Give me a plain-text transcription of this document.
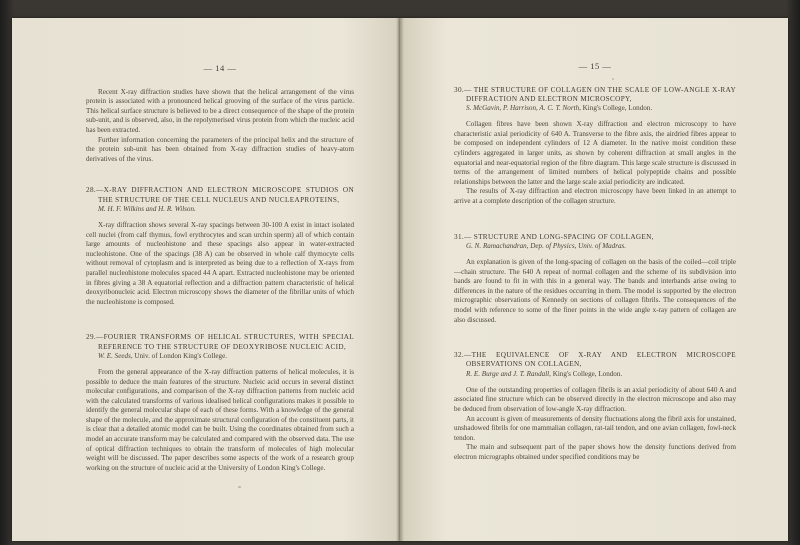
— 14 —

Recent X-ray diffraction studies have shown that the helical arrangement of the virus protein is associated with a pronounced helical grooving of the surface of the virus particle. This helical surface structure is believed to be a direct consequence of the shape of the protein sub-unit, and is observed, also, in the repolymerised virus protein from which the nucleic acid has been extracted.

Further information concerning the parameters of the principal helix and the structure of the protein sub-unit has been obtained from X-ray diffraction studies of heavy-atom derivatives of the virus.

28.—X-RAY DIFFRACTION AND ELECTRON MICROSCOPE STUDIOS ON THE STRUCTURE OF THE CELL NUCLEUS AND NUCLEAPROTEINS,
M. H. F. Wilkins and H. R. Wilson.

X-ray diffraction shows several X-ray spacings between 30-100 A exist in intact isolated cell nuclei (from calf thymus, fowl erythrocytes and scan urchin sperm) all of which contain large amounts of nucleohistone and these spacings also appear in water-extracted nucleohistone. One of the spacings (38 A) can be observed in whole calf thymocyte cells without removal of cytoplasm and is interpreted as being due to a reflection of X-rays from parallel nucleohistone molecules spaced 44 A apart. Extracted nucleohistone may be oriented in fibres giving a 38 A equatorial reflection and a diffraction pattern characteristic of helical deoxyribonucleic acid. Electron microscopy shows the diameter of the fibrillar units of which the nucleohistone is composed.

29.—FOURIER TRANSFORMS OF HELICAL STRUCTURES, WITH SPECIAL REFERENCE TO THE STRUCTURE OF DEOXYRIBOSE NUCLEIC ACID,
W. E. Seeds, Univ. of London King's College.

From the general appearance of the X-ray diffraction patterns of helical molecules, it is possible to deduce the main features of the structure. Nucleic acid occurs in several distinct molecular configurations, and comparison of the X-ray diffraction patterns from nucleic acid with the calculated transforms of various idealised helical configurations makes it possible to identify the general molecular shape of each of these forms. With a knowledge of the general shape of the molecule, and the approximate structural configuration of the constituent parts, it is clear that a detailed atomic model can be built. Using the coordinates obtained from such a model an accurate transform may be calculated and compared with the observed data. The use of optical diffraction techniques to obtain the transform of molecules of high molecular weight will be discussed. The paper describes some aspects of the work of a research group working on the structure of nucleic acid at the University of London King's College.

— 15 —
30.— THE STRUCTURE OF COLLAGEN ON THE SCALE OF LOW-ANGLE X-RAY DIFFRACTION AND ELECTRON MICROSCOPY,
S. McGavin, P. Harrison, A. C. T. North, King's College, London.

Collagen fibres have been shown X-ray diffraction and electron microscopy to have characteristic axial periodicity of 640 A. Transverse to the fibre axis, the airdried fibres appear to be composed on independent cylinders of 12 A diameter. In the native moist condition these cylinders aggregated in larger units, as shown by coherent diffraction at small angles in the equatorial and near-equatorial region of the fibre diagram. This large scale structure is discussed in terms of the arrangement of limited numbers of helical polypeptide chains and possible relationships between the latter and the large scale axial periodicity are indicated.

The results of X-ray diffraction and electron microscopy have been linked in an attempt to arrive at a complete description of the collagen structure.

31.— STRUCTURE AND LONG-SPACING OF COLLAGEN,
G. N. Ramachandran, Dep. of Physics, Univ. of Madras.

An explanation is given of the long-spacing of collagen on the basis of the coiled—coil triple—chain structure. The 640 A repeat of normal collagen and the scheme of its subdivision into bands are found to fit in with this in a general way. The bands and interbands arise owing to differences in the nature of the residues occurring in them. The model is supported by the electron micrographic observations of Kennedy on sections of collagen fibrils. The consequences of the model with reference to some of the finer points in the wide angle x-ray pattern of collagen are also discussed.

32.—THE EQUIVALENCE OF X-RAY AND ELECTRON MICROSCOPE OBSERVATIONS ON COLLAGEN,
R. E. Burge and J. T. Randall, King's College, London.

One of the outstanding properties of collagen fibrils is an axial periodicity of about 640 A and associated fine structure which can be observed directly in the electron microscope and also may be deduced from observation of low-angle X-ray diffraction.

An account is given of measurements of density fluctuations along the fibril axis for unstained, unshadowed fibrils for one mammalian collagen, rat-tail tendon, and one avian collagen, fowl-neck tendon.

The main and subsequent part of the paper shows how the density functions derived from electron micrographs obtained under specified conditions may be
